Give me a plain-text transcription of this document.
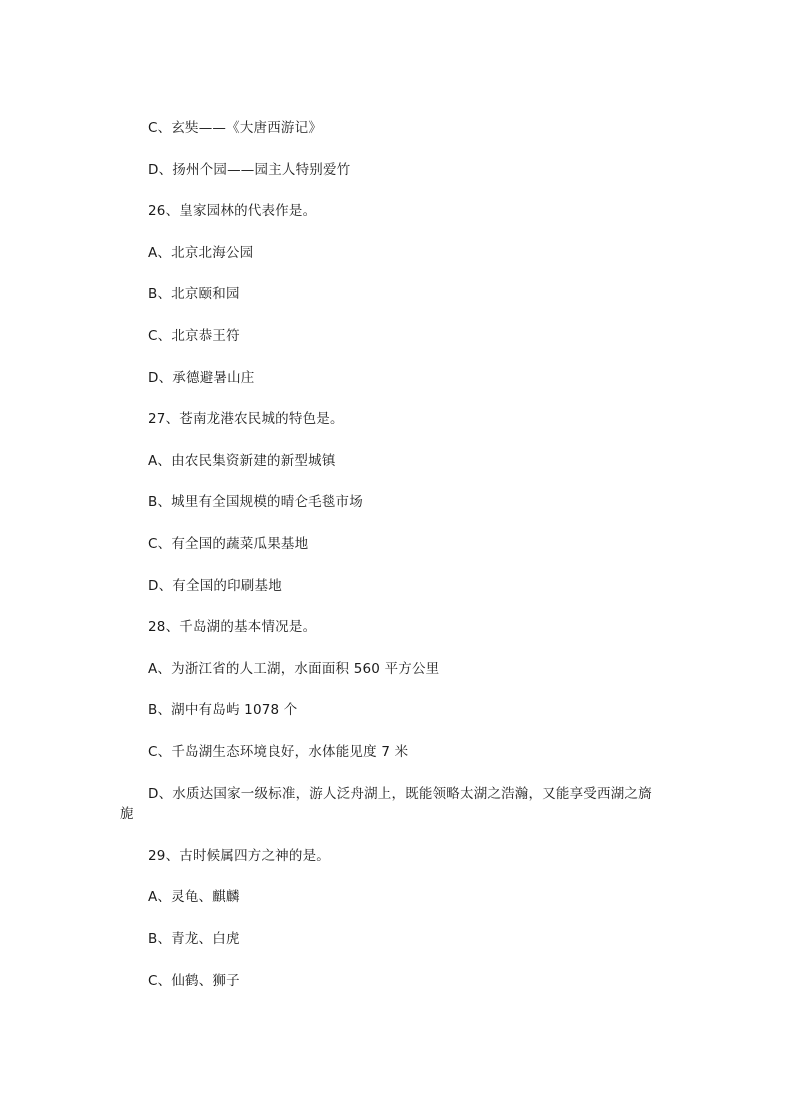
C、玄奘——《大唐西游记》
D、扬州个园——园主人特别爱竹
26、皇家园林的代表作是。
A、北京北海公园
B、北京颐和园
C、北京恭王符
D、承德避暑山庄
27、苍南龙港农民城的特色是。
A、由农民集资新建的新型城镇
B、城里有全国规模的晴仑毛毯市场
C、有全国的蔬菜瓜果基地
D、有全国的印刷基地
28、千岛湖的基本情况是。
A、为浙江省的人工湖，水面面积 560 平方公里
B、湖中有岛屿 1078 个
C、千岛湖生态环境良好，水体能见度 7 米
D、水质达国家一级标准，游人泛舟湖上，既能领略太湖之浩瀚，又能享受西湖之旖
旎
29、古时候属四方之神的是。
A、灵龟、麒麟
B、青龙、白虎
C、仙鹤、狮子
